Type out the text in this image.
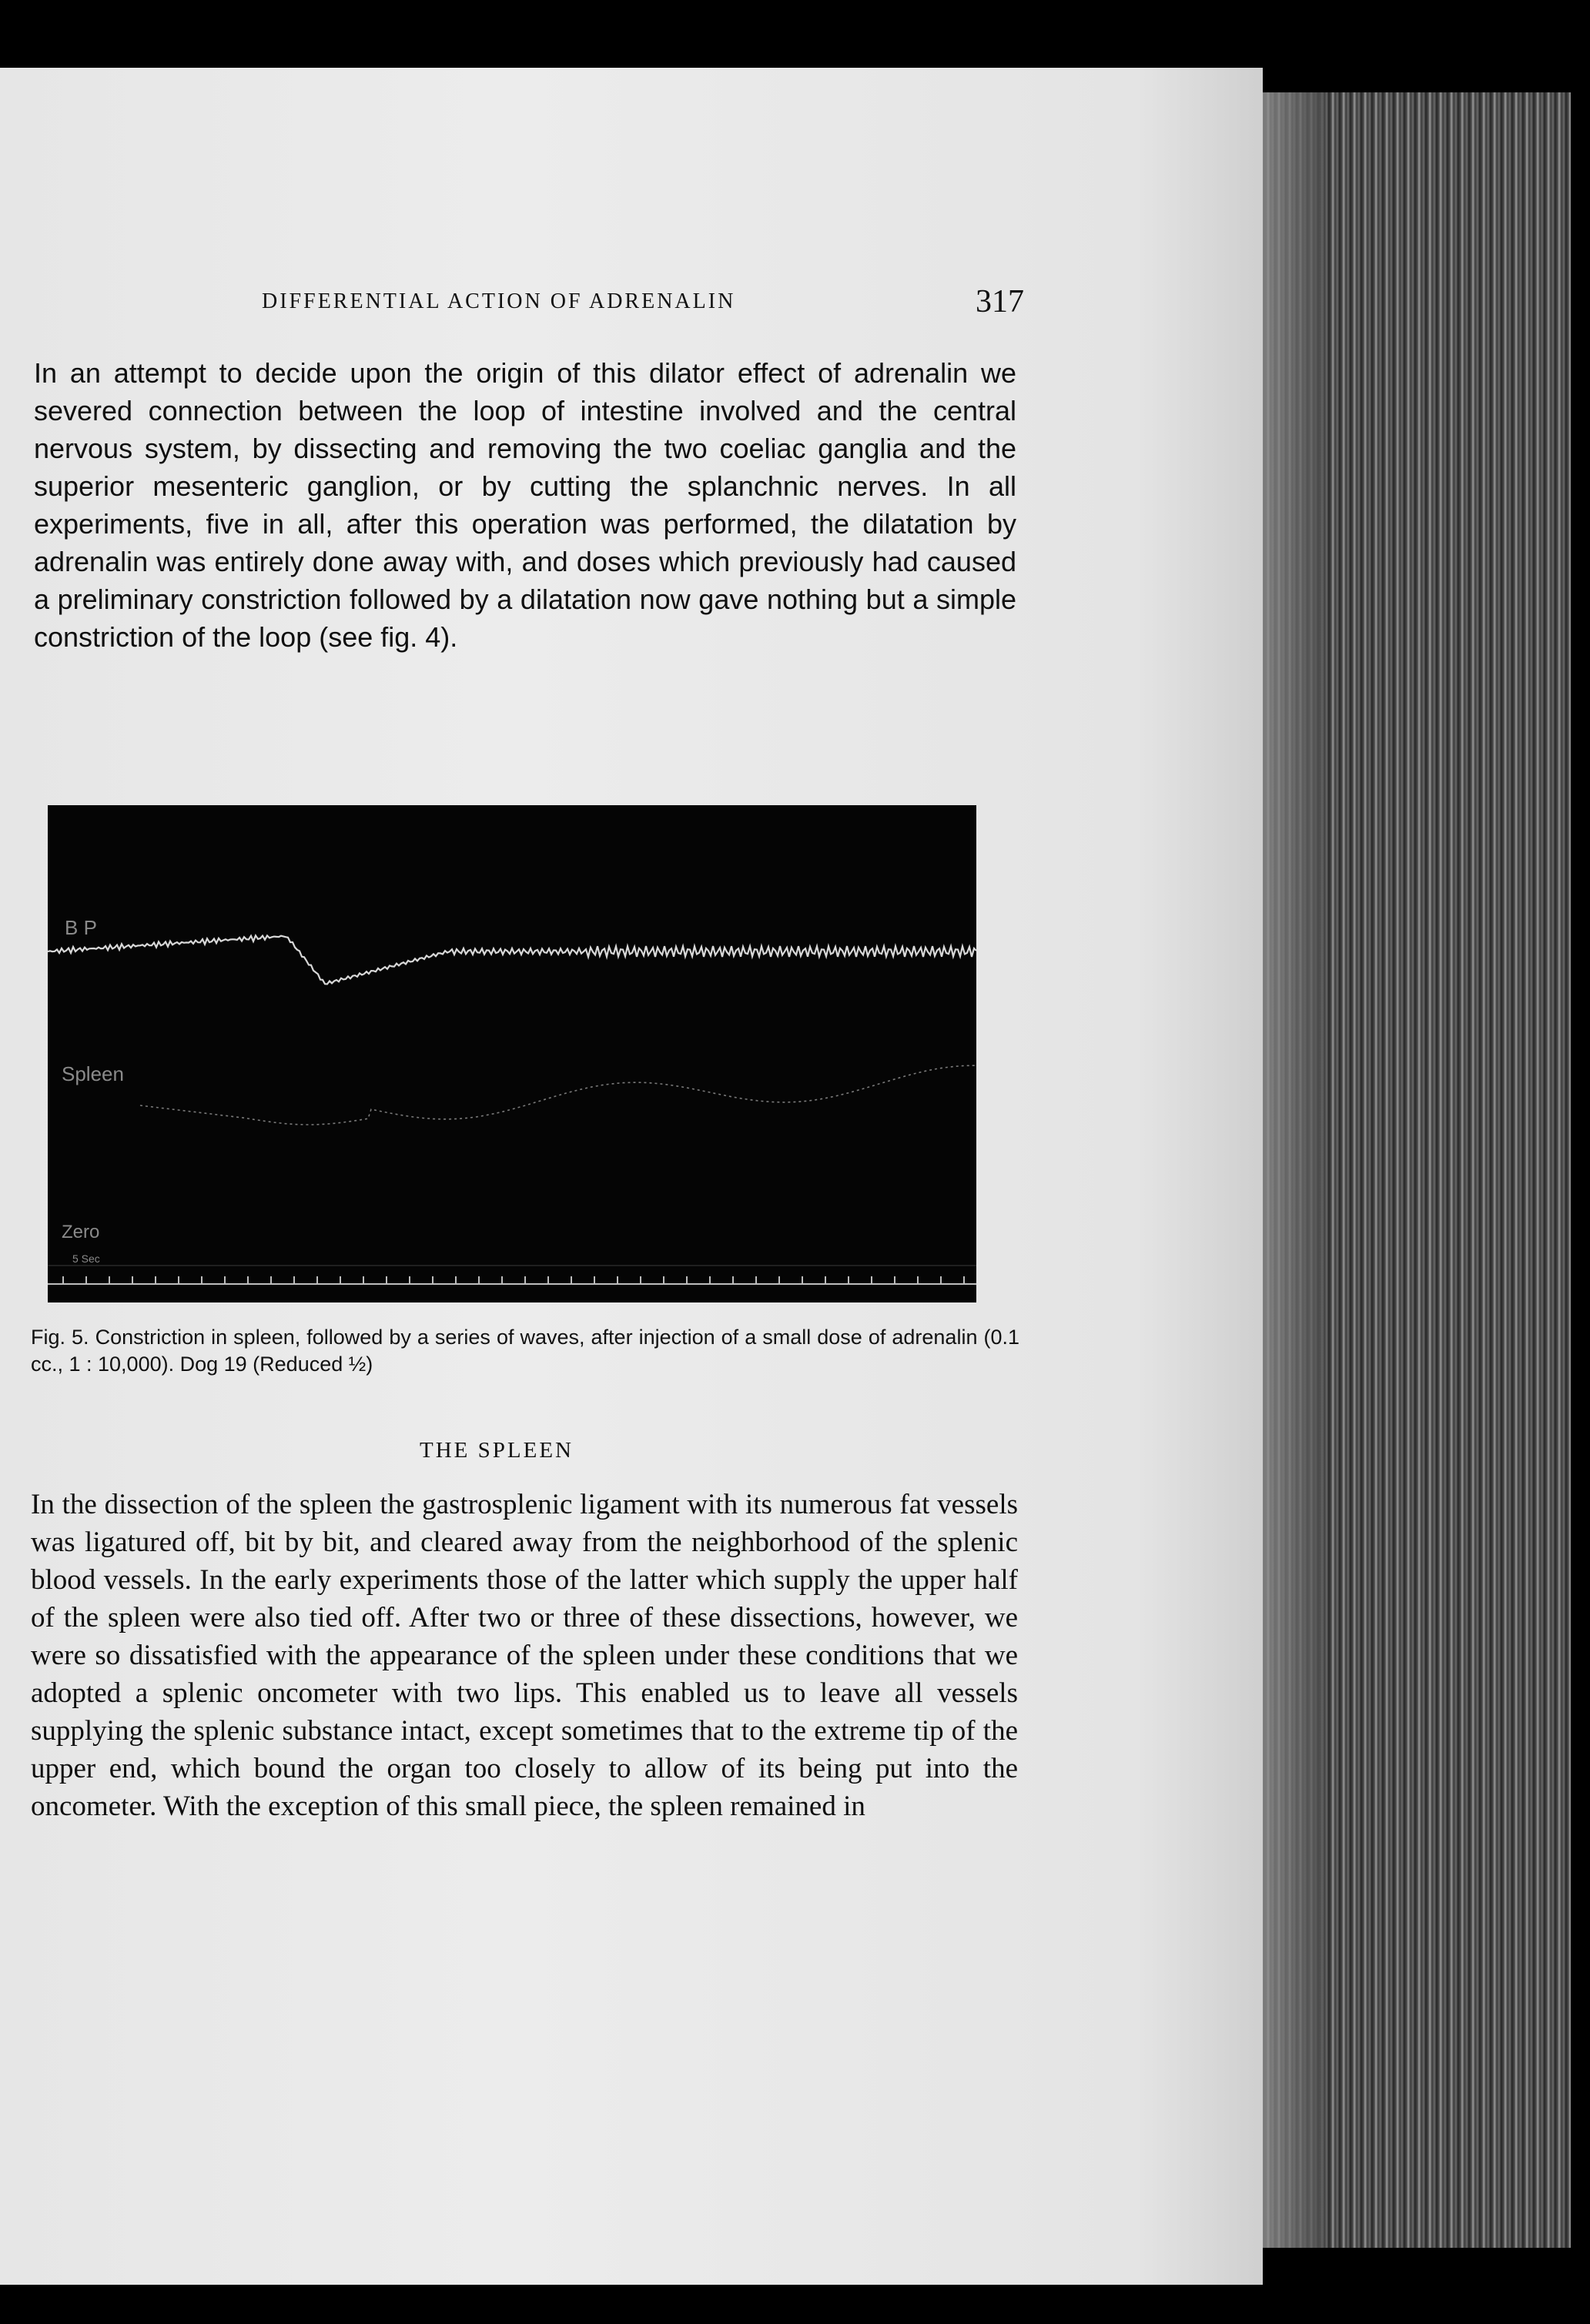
DIFFERENTIAL ACTION OF ADRENALIN	317

In an attempt to decide upon the origin of this dilator effect of adrenalin we severed connection between the loop of intestine involved and the central nervous system, by dissecting and removing the two coeliac ganglia and the superior mesenteric ganglion, or by cutting the splanchnic nerves. In all experiments, five in all, after this operation was performed, the dilatation by adrenalin was entirely done away with, and doses which previously had caused a preliminary constriction followed by a dilatation now gave nothing but a simple constriction of the loop (see fig. 4).

B P
Spleen
Zero
5 Sec

Fig. 5. Constriction in spleen, followed by a series of waves, after injection of a small dose of adrenalin (0.1 cc., 1 : 10,000). Dog 19 (Reduced ½)

THE SPLEEN

In the dissection of the spleen the gastrosplenic ligament with its numerous fat vessels was ligatured off, bit by bit, and cleared away from the neighborhood of the splenic blood vessels. In the early experiments those of the latter which supply the upper half of the spleen were also tied off. After two or three of these dissections, however, we were so dissatisfied with the appearance of the spleen under these conditions that we adopted a splenic oncometer with two lips. This enabled us to leave all vessels supplying the splenic substance intact, except sometimes that to the extreme tip of the upper end, which bound the organ too closely to allow of its being put into the oncometer. With the exception of this small piece, the spleen remained in
